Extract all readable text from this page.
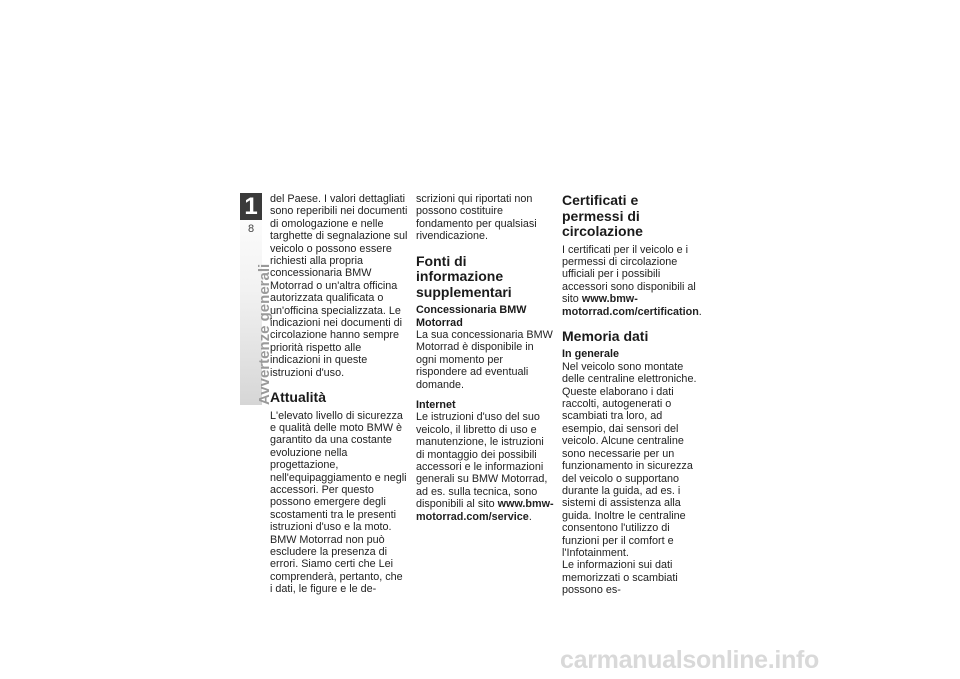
1
8
Avvertenze generali

del Paese. I valori dettagliati sono reperibili nei documenti di omologazione e nelle targhette di segnalazione sul veicolo o possono essere richiesti alla propria concessionaria BMW Motorrad o un'altra officina autorizzata qualificata o un'officina specializzata. Le indicazioni nei documenti di circolazione hanno sempre priorità rispetto alle indicazioni in queste istruzioni d'uso.

Attualità

L'elevato livello di sicurezza e qualità delle moto BMW è garantito da una costante evoluzione nella progettazione, nell'equipaggiamento e negli accessori. Per questo possono emergere degli scostamenti tra le presenti istruzioni d'uso e la moto. BMW Motorrad non può escludere la presenza di errori. Siamo certi che Lei comprenderà, pertanto, che i dati, le figure e le de-

scrizioni qui riportati non possono costituire fondamento per qualsiasi rivendicazione.

Fonti di informazione supplementari
Concessionaria BMW Motorrad

La sua concessionaria BMW Motorrad è disponibile in ogni momento per rispondere ad eventuali domande.

Internet

Le istruzioni d'uso del suo veicolo, il libretto di uso e manutenzione, le istruzioni di montaggio dei possibili accessori e le informazioni generali su BMW Motorrad, ad es. sulla tecnica, sono disponibili al sito www.bmw-motorrad.com/service.

Certificati e permessi di circolazione

I certificati per il veicolo e i permessi di circolazione ufficiali per i possibili accessori sono disponibili al sito www.bmw-motorrad.com/certification.

Memoria dati
In generale

Nel veicolo sono montate delle centraline elettroniche. Queste elaborano i dati raccolti, autogenerati o scambiati tra loro, ad esempio, dai sensori del veicolo. Alcune centraline sono necessarie per un funzionamento in sicurezza del veicolo o supportano durante la guida, ad es. i sistemi di assistenza alla guida. Inoltre le centraline consentono l'utilizzo di funzioni per il comfort e l'Infotainment.

Le informazioni sui dati memorizzati o scambiati possono es-

carmanualsonline.info
